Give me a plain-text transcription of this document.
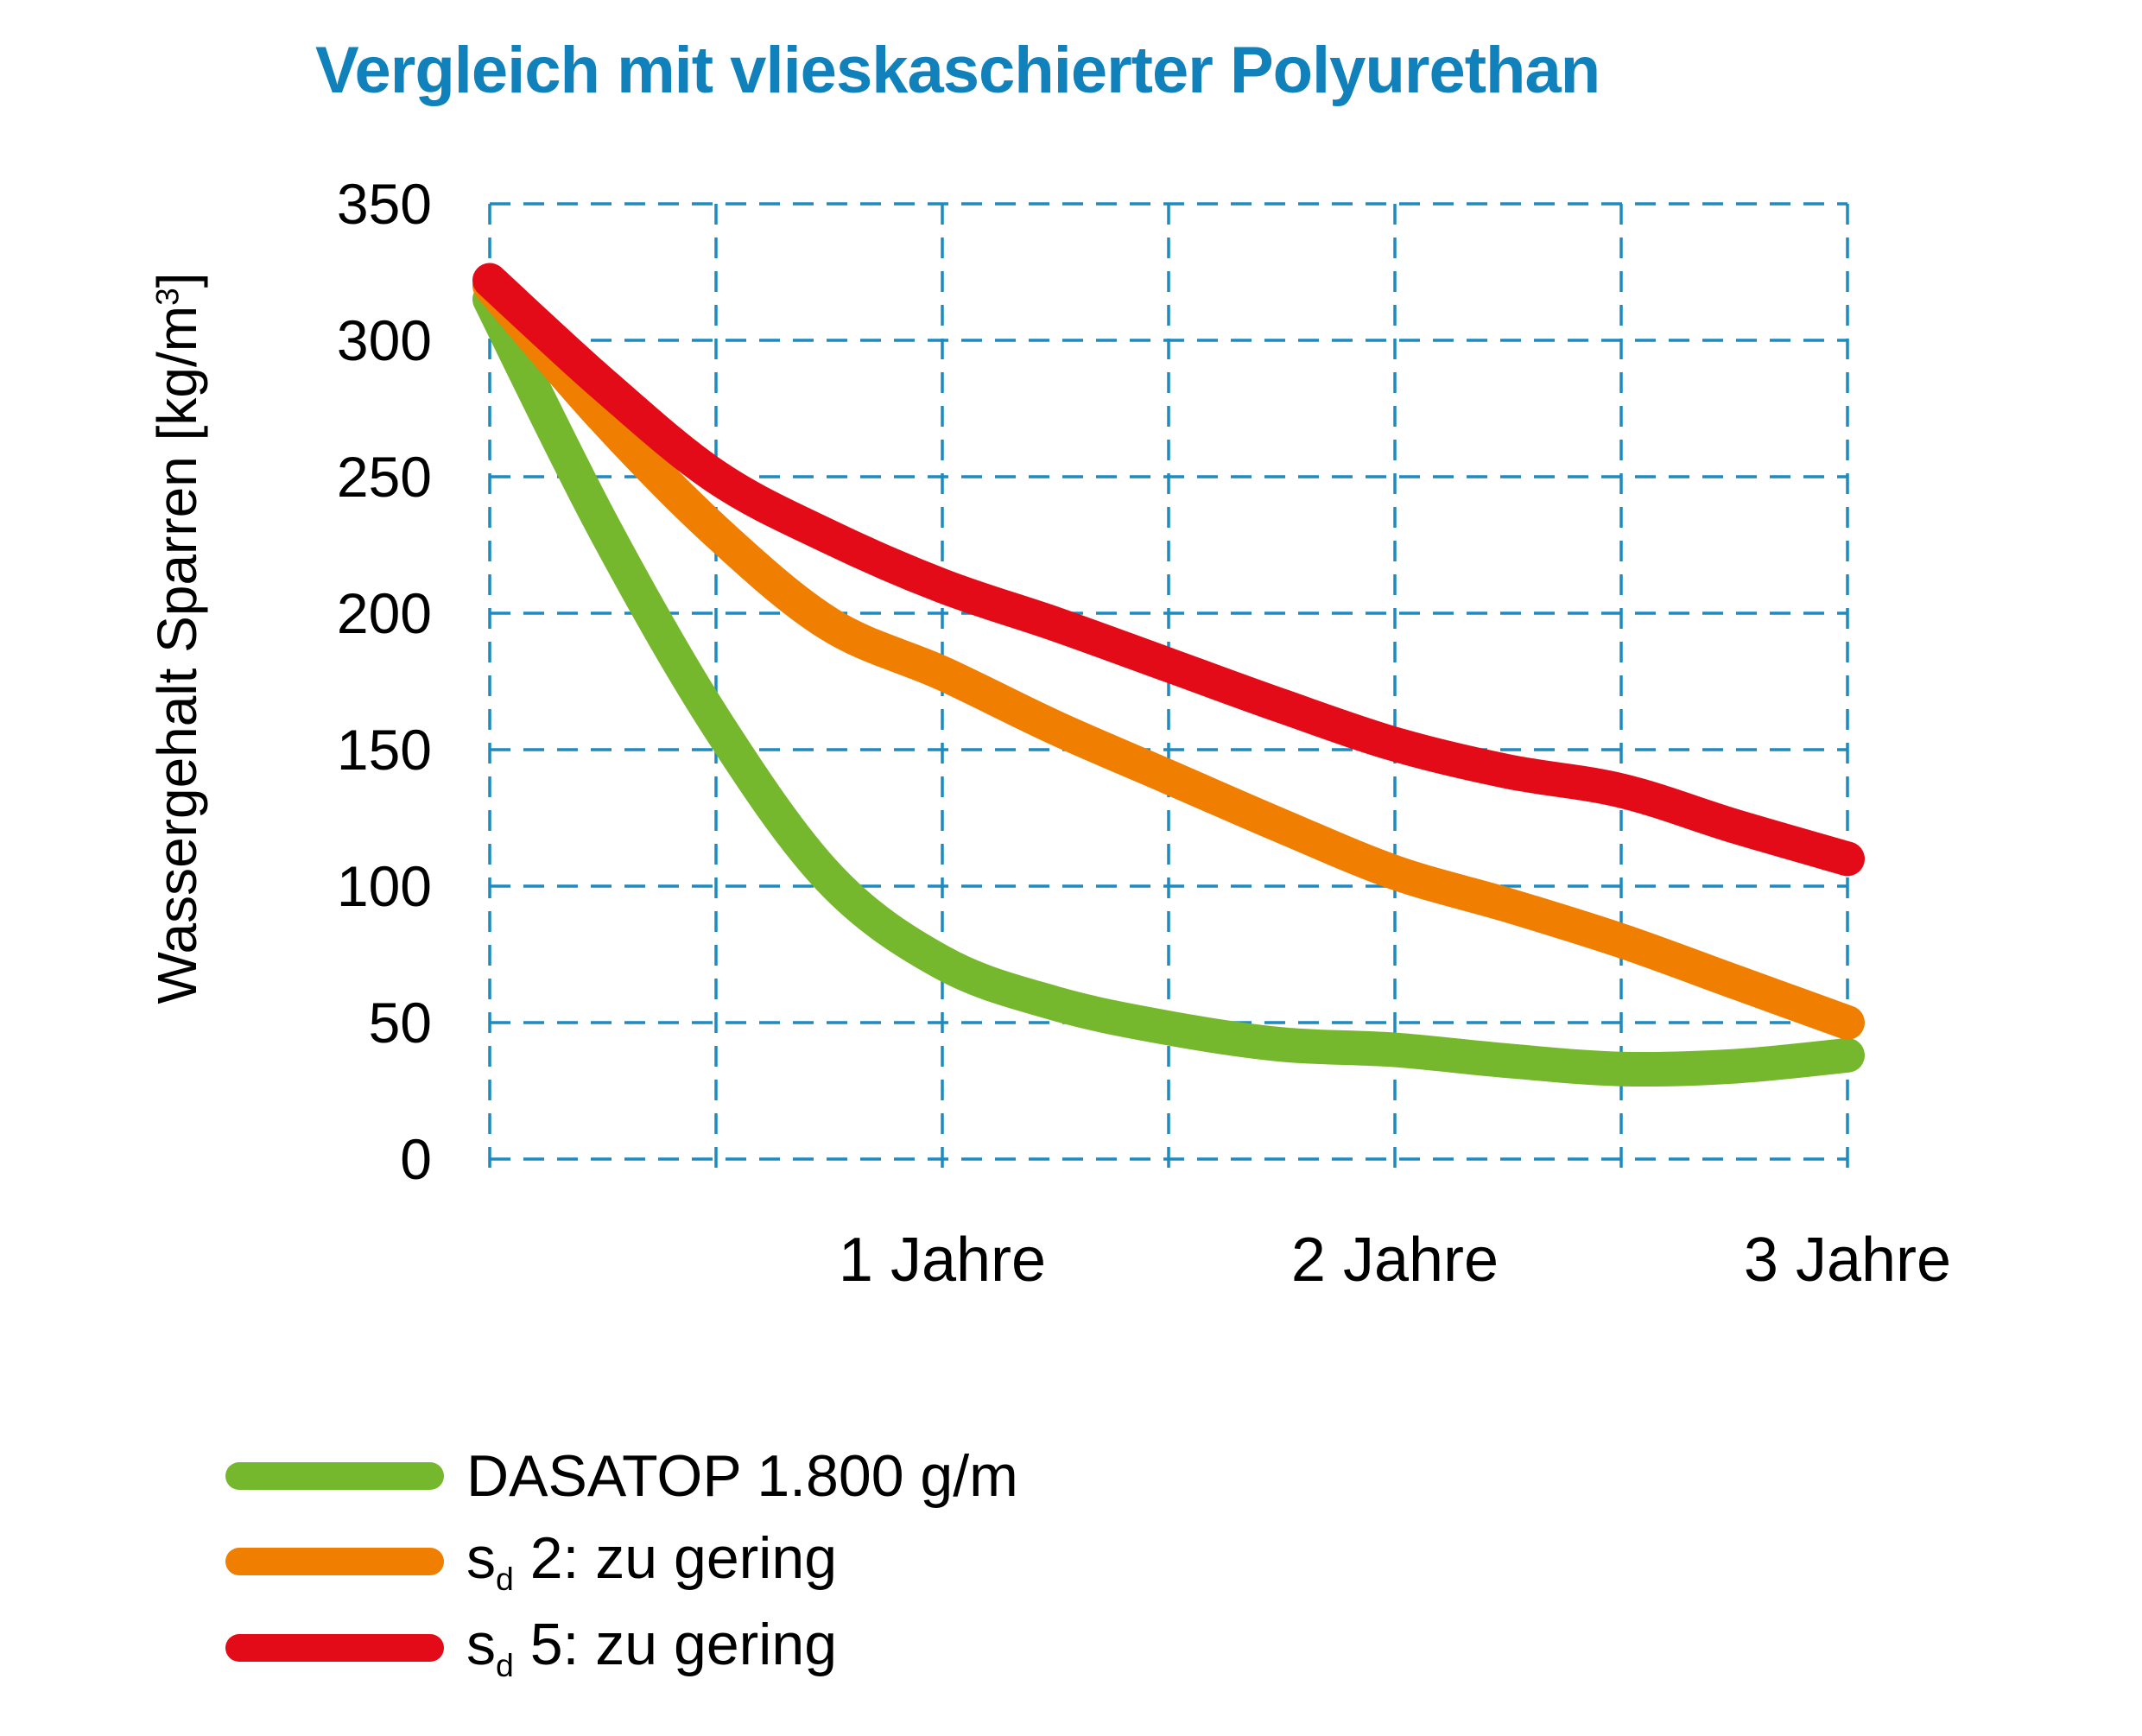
Vergleich mit vlieskaschierter Polyurethan
Wassergehalt Sparren $[kg/m^3]$
350
300
250
200
150
100
50
0
1 Jahre	2 Jahre	3 Jahre
DASATOP 1.800 g/m
$s_d$ 2: zu gering
$s_d$ 5: zu gering
